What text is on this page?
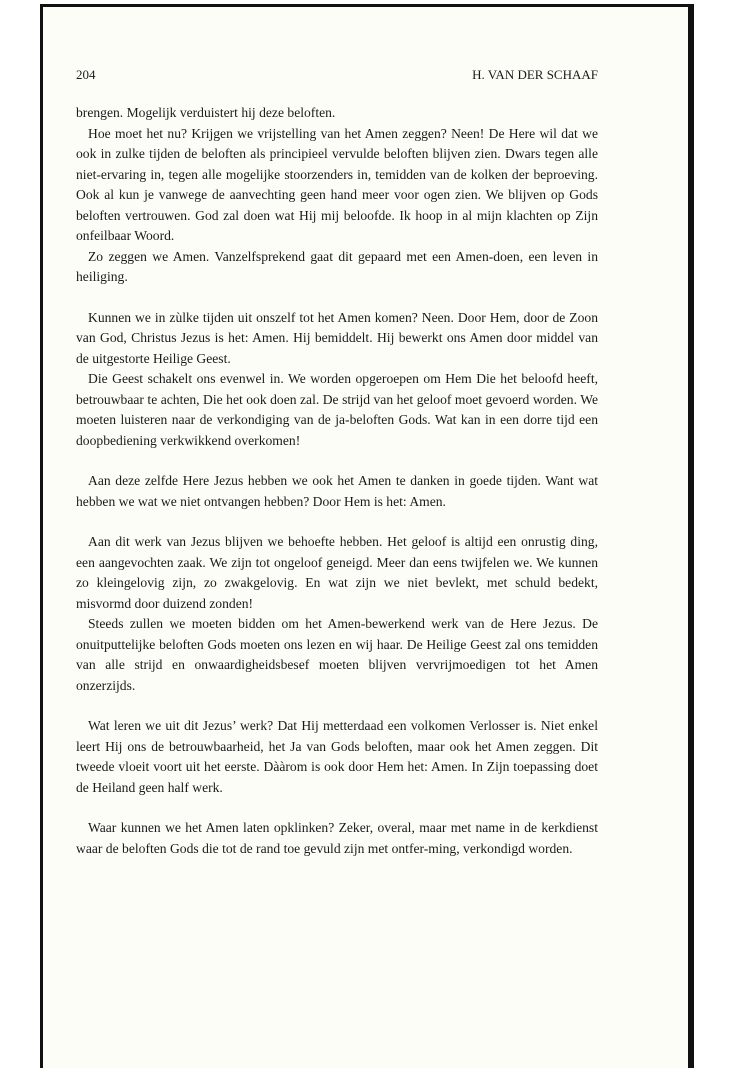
204	H. VAN DER SCHAAF

brengen. Mogelijk verduistert hij deze beloften.

Hoe moet het nu? Krijgen we vrijstelling van het Amen zeggen? Neen! De Here wil dat we ook in zulke tijden de beloften als principieel vervulde beloften blijven zien. Dwars tegen alle niet-ervaring in, tegen alle mogelijke stoorzenders in, temidden van de kolken der beproeving. Ook al kun je vanwege de aanvechting geen hand meer voor ogen zien. We blijven op Gods beloften vertrouwen. God zal doen wat Hij mij beloofde. Ik hoop in al mijn klachten op Zijn onfeilbaar Woord.

Zo zeggen we Amen. Vanzelfsprekend gaat dit gepaard met een Amen-doen, een leven in heiliging.

Kunnen we in zùlke tijden uit onszelf tot het Amen komen? Neen. Door Hem, door de Zoon van God, Christus Jezus is het: Amen. Hij bemiddelt. Hij bewerkt ons Amen door middel van de uitgestorte Heilige Geest.

Die Geest schakelt ons evenwel in. We worden opgeroepen om Hem Die het beloofd heeft, betrouwbaar te achten, Die het ook doen zal. De strijd van het geloof moet gevoerd worden. We moeten luisteren naar de verkondiging van de ja-beloften Gods. Wat kan in een dorre tijd een doopbediening verkwikkend overkomen!

Aan deze zelfde Here Jezus hebben we ook het Amen te danken in goede tijden. Want wat hebben we wat we niet ontvangen hebben? Door Hem is het: Amen.

Aan dit werk van Jezus blijven we behoefte hebben. Het geloof is altijd een onrustig ding, een aangevochten zaak. We zijn tot ongeloof geneigd. Meer dan eens twijfelen we. We kunnen zo kleingelovig zijn, zo zwakgelovig. En wat zijn we niet bevlekt, met schuld bedekt, misvormd door duizend zonden!

Steeds zullen we moeten bidden om het Amen-bewerkend werk van de Here Jezus. De onuitputtelijke beloften Gods moeten ons lezen en wij haar. De Heilige Geest zal ons temidden van alle strijd en onwaardigheidsbesef moeten blijven vervrijmoedigen tot het Amen onzerzijds.

Wat leren we uit dit Jezus’ werk? Dat Hij metterdaad een volkomen Verlosser is. Niet enkel leert Hij ons de betrouwbaarheid, het Ja van Gods beloften, maar ook het Amen zeggen. Dit tweede vloeit voort uit het eerste. Dààrom is ook door Hem het: Amen. In Zijn toepassing doet de Heiland geen half werk.

Waar kunnen we het Amen laten opklinken? Zeker, overal, maar met name in de kerkdienst waar de beloften Gods die tot de rand toe gevuld zijn met ontfer-ming, verkondigd worden.
